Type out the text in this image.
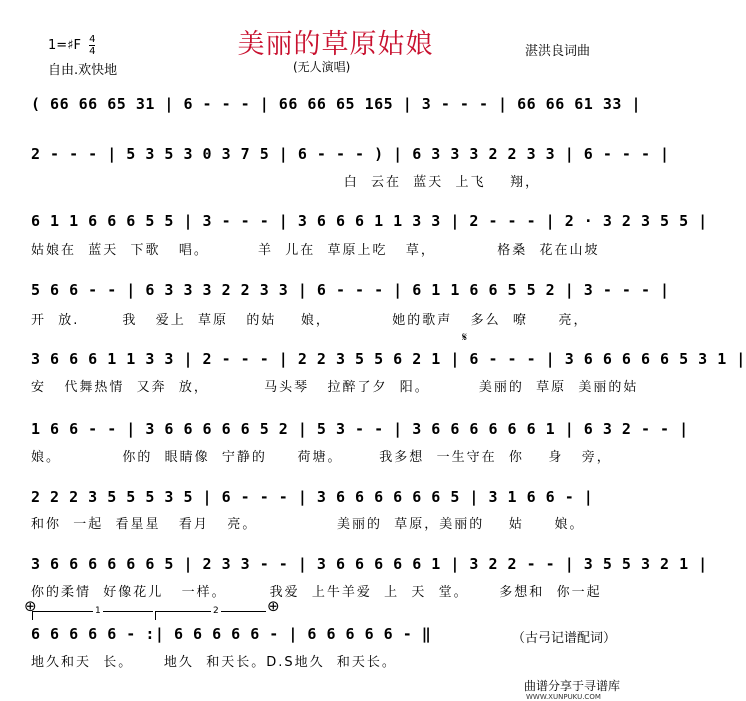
美丽的草原姑娘
1=♯F $\frac{4}{4}$
自由.欢快地	(无人演唱)
湛洪良词曲
( 66 66 65 31 | 6 - - - | 66 66 65 165 | 3 - - - | 66 66 61 33 |
2 - - - | 5 3 5 3 0 3 7 5 | 6 - - - ) | 6 3 3 3 2 2 3 3 | 6 - - - |
白  云在  蓝天  上飞    翔，
6 1 1 6 6 6 5 5 | 3 - - - | 3 6 6 6 1 1 3 3 | 2 - - - | 2 · 3 2 3 5 5 |
姑娘在  蓝天  下歌   唱。        羊  儿在  草原上吃   草，          格桑  花在山坡
5 6 6 - - | 6 3 3 3 2 2 3 3 | 6 - - - | 6 1 1 6 6 5 5 2 | 3 - - - |
开  放.       我   爱上  草原   的姑    娘，          她的歌声   多么  嘹     亮，
𝄋
3 6 6 6 1 1 3 3 | 2 - - - | 2 2 3 5 5 6 2 1 | 6 - - - | 3 6 6 6 6 6 5 3 1 |
安   代舞热情  又奔  放，         马头琴   拉醉了夕  阳。        美丽的  草原  美丽的姑
1 6 6 - - | 3 6 6 6 6 6 5 2 | 5 3 - - | 3 6 6 6 6 6 6 1 | 6 3 2 - - |
娘。          你的  眼睛像  宁静的     荷塘。      我多想  一生守在  你    身   旁，
2 2 2 3 5 5 5 3 5 | 6 - - - | 3 6 6 6 6 6 6 5 | 3 1 6 6 - |
和你  一起  看星星   看月   亮。             美丽的  草原，美丽的    姑     娘。
3 6 6 6 6 6 6 5 | 2 3 3 - - | 3 6 6 6 6 6 1 | 3 2 2 - - | 3 5 5 3 2 1 |
你的柔情  好像花儿   一样。       我爱  上牛羊爱  上  天  堂。     多想和  你一起
⊕	⊕
1	2
6 6 6 6 6 - :| 6 6 6 6 6 - | 6 6 6 6 6 - ‖
地久和天  长。     地久  和天长。D.S地久  和天长。
（古弓记谱配词）
曲谱分享于寻谱库
WWW.XUNPUKU.COM
